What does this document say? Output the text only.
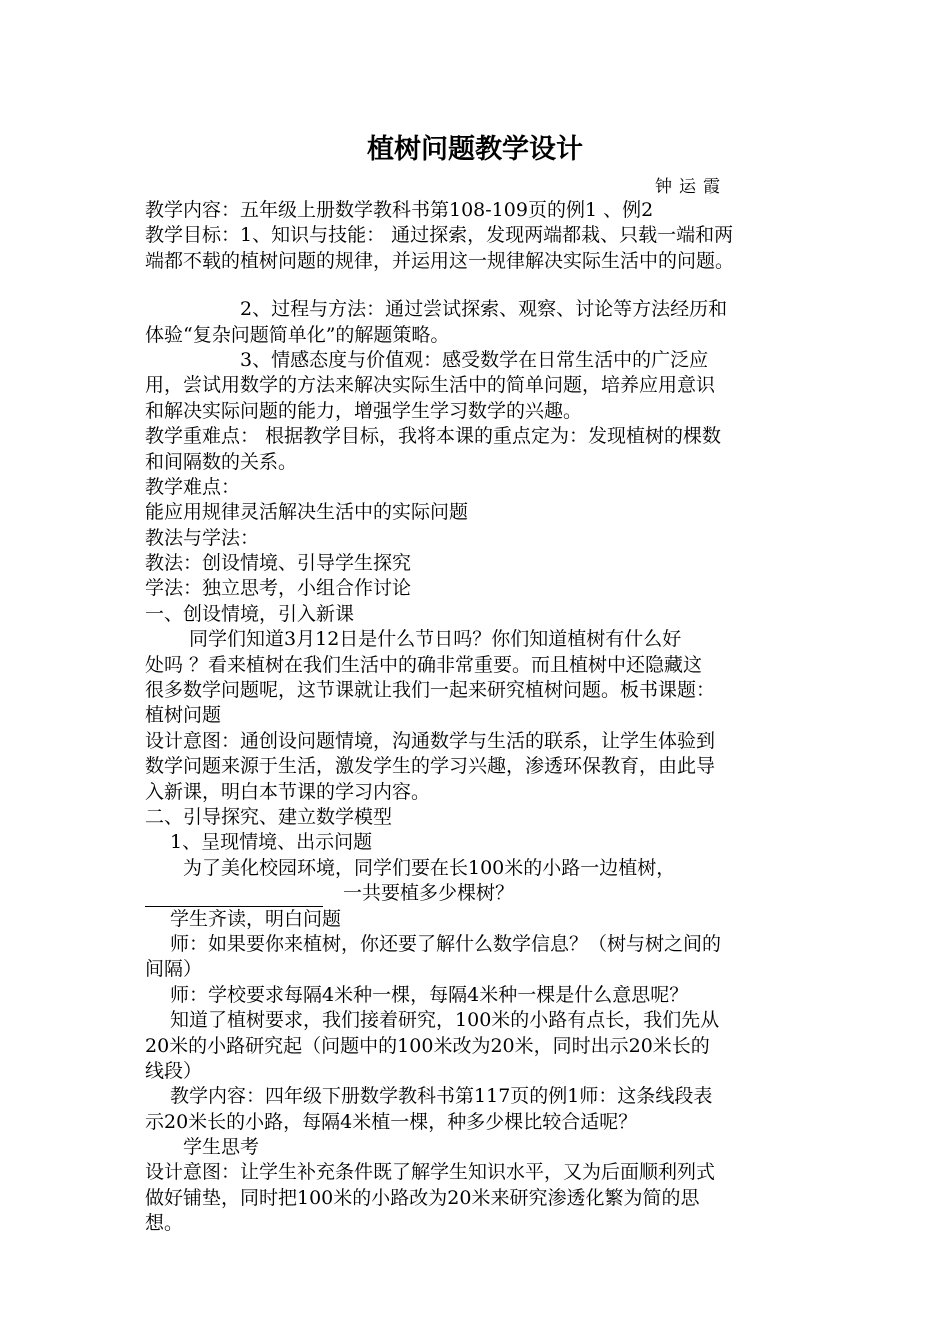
植树问题教学设计
钟运霞
教学内容：五年级上册数学教科书第108-109页的例1 、例2
教学目标：1、知识与技能： 通过探索，发现两端都栽、只载一端和两
端都不载的植树问题的规律，并运用这一规律解决实际生活中的问题。
　　　　　2、过程与方法：通过尝试探索、观察、讨论等方法经历和
体验“复杂问题简单化”的解题策略。
　　　　　3、情感态度与价值观：感受数学在日常生活中的广泛应
用，尝试用数学的方法来解决实际生活中的简单问题，培养应用意识
和解决实际问题的能力，增强学生学习数学的兴趣。
教学重难点： 根据教学目标，我将本课的重点定为：发现植树的棵数
和间隔数的关系。
教学难点：
能应用规律灵活解决生活中的实际问题
教法与学法：
教法：创设情境、引导学生探究
学法：独立思考，小组合作讨论
一、创设情境，引入新课
　　 同学们知道3月12日是什么节日吗？你们知道植树有什么好
处吗 ？看来植树在我们生活中的确非常重要。而且植树中还隐藏这
很多数学问题呢，这节课就让我们一起来研究植树问题。板书课题：
植树问题
设计意图：通创设问题情境，沟通数学与生活的联系，让学生体验到
数学问题来源于生活，激发学生的学习兴趣，渗透环保教育，由此导
入新课，明白本节课的学习内容。
二、引导探究、建立数学模型
　 1、呈现情境、出示问题
　　为了美化校园环境，同学们要在长100米的小路一边植树，
一共要植多少棵树？
　 学生齐读，明白问题
　 师：如果要你来植树，你还要了解什么数学信息？（树与树之间的
间隔）
　 师：学校要求每隔4米种一棵，每隔4米种一棵是什么意思呢？
　 知道了植树要求，我们接着研究，100米的小路有点长，我们先从
20米的小路研究起（问题中的100米改为20米，同时出示20米长的
线段）
　 教学内容：四年级下册数学教科书第117页的例1师：这条线段表
示20米长的小路，每隔4米植一棵，种多少棵比较合适呢？
　　学生思考
设计意图：让学生补充条件既了解学生知识水平，又为后面顺利列式
做好铺垫，同时把100米的小路改为20米来研究渗透化繁为简的思
想。
